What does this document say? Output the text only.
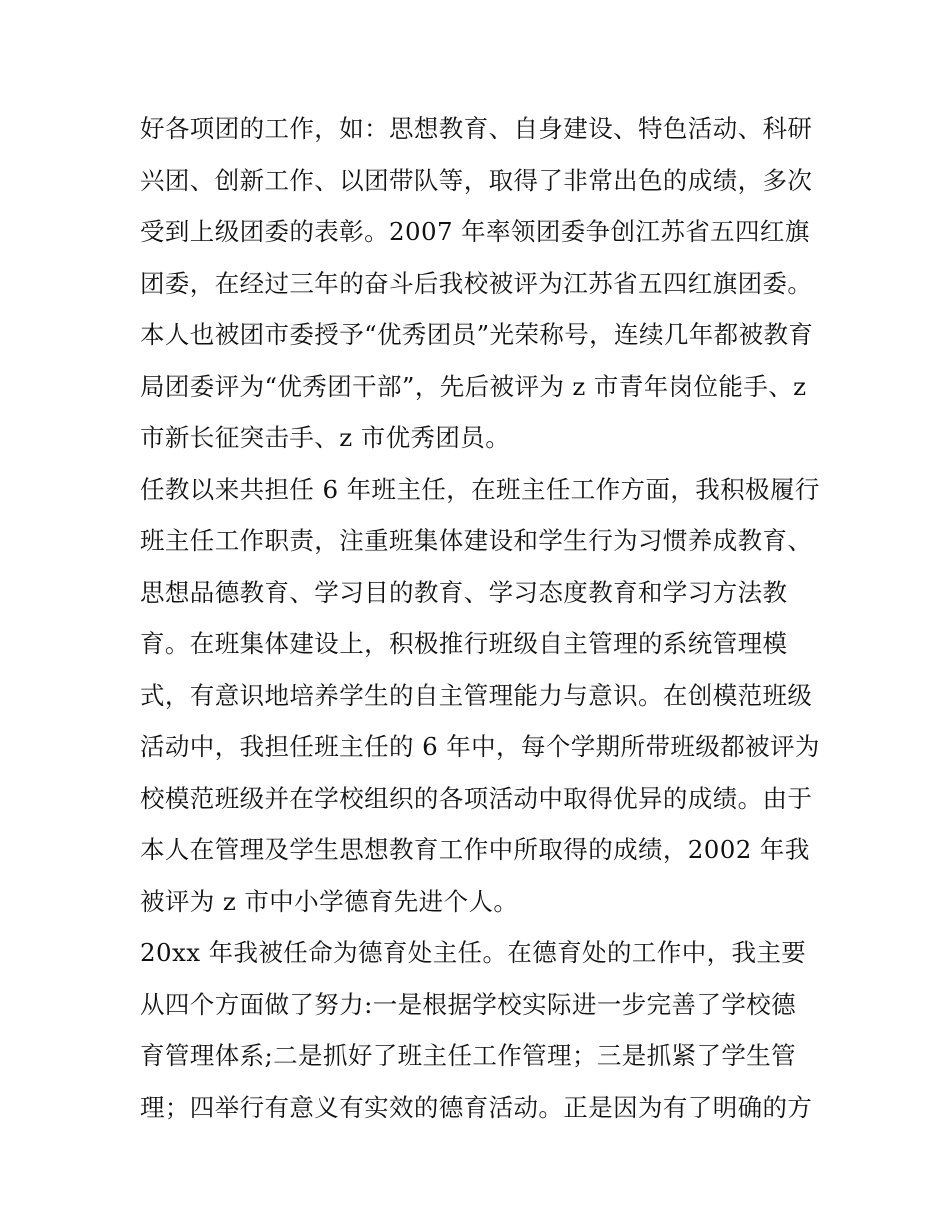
好各项团的工作，如：思想教育、自身建设、特色活动、科研
兴团、创新工作、以团带队等，取得了非常出色的成绩，多次
受到上级团委的表彰。2007 年率领团委争创江苏省五四红旗
团委，在经过三年的奋斗后我校被评为江苏省五四红旗团委。
本人也被团市委授予“优秀团员”光荣称号，连续几年都被教育
局团委评为“优秀团干部”，先后被评为 z 市青年岗位能手、z
市新长征突击手、z 市优秀团员。
任教以来共担任 6 年班主任，在班主任工作方面，我积极履行
班主任工作职责，注重班集体建设和学生行为习惯养成教育、
思想品德教育、学习目的教育、学习态度教育和学习方法教
育。在班集体建设上，积极推行班级自主管理的系统管理模
式，有意识地培养学生的自主管理能力与意识。在创模范班级
活动中，我担任班主任的 6 年中，每个学期所带班级都被评为
校模范班级并在学校组织的各项活动中取得优异的成绩。由于
本人在管理及学生思想教育工作中所取得的成绩，2002 年我
被评为 z 市中小学德育先进个人。
20xx 年我被任命为德育处主任。在德育处的工作中，我主要
从四个方面做了努力:一是根据学校实际进一步完善了学校德
育管理体系;二是抓好了班主任工作管理；三是抓紧了学生管
理；四举行有意义有实效的德育活动。正是因为有了明确的方
